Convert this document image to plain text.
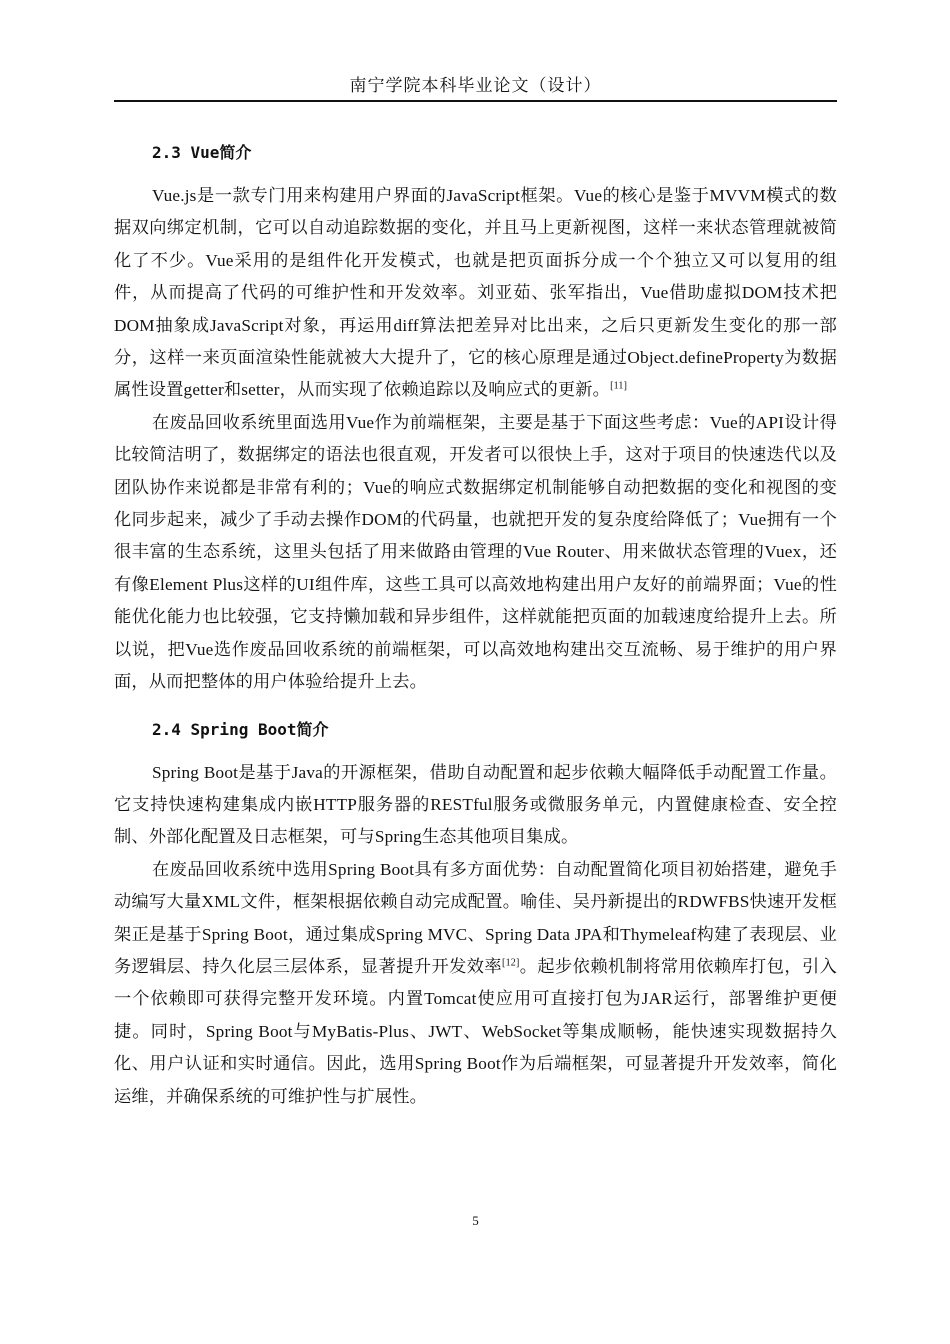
南宁学院本科毕业论文（设计）
2.3 Vue简介

Vue.js是一款专门用来构建用户界面的JavaScript框架。Vue的核心是鉴于MVVM模式的数据双向绑定机制，它可以自动追踪数据的变化，并且马上更新视图，这样一来状态管理就被简化了不少。Vue采用的是组件化开发模式，也就是把页面拆分成一个个独立又可以复用的组件，从而提高了代码的可维护性和开发效率。刘亚茹、张军指出，Vue借助虚拟DOM技术把DOM抽象成JavaScript对象，再运用diff算法把差异对比出来，之后只更新发生变化的那一部分，这样一来页面渲染性能就被大大提升了，它的核心原理是通过Object.defineProperty为数据属性设置getter和setter，从而实现了依赖追踪以及响应式的更新。[11]

在废品回收系统里面选用Vue作为前端框架，主要是基于下面这些考虑：Vue的API设计得比较简洁明了，数据绑定的语法也很直观，开发者可以很快上手，这对于项目的快速迭代以及团队协作来说都是非常有利的；Vue的响应式数据绑定机制能够自动把数据的变化和视图的变化同步起来，减少了手动去操作DOM的代码量，也就把开发的复杂度给降低了；Vue拥有一个很丰富的生态系统，这里头包括了用来做路由管理的Vue Router、用来做状态管理的Vuex，还有像Element Plus这样的UI组件库，这些工具可以高效地构建出用户友好的前端界面；Vue的性能优化能力也比较强，它支持懒加载和异步组件，这样就能把页面的加载速度给提升上去。所以说，把Vue选作废品回收系统的前端框架，可以高效地构建出交互流畅、易于维护的用户界面，从而把整体的用户体验给提升上去。

2.4 Spring Boot简介

Spring Boot是基于Java的开源框架，借助自动配置和起步依赖大幅降低手动配置工作量。它支持快速构建集成内嵌HTTP服务器的RESTful服务或微服务单元，内置健康检查、安全控制、外部化配置及日志框架，可与Spring生态其他项目集成。

在废品回收系统中选用Spring Boot具有多方面优势：自动配置简化项目初始搭建，避免手动编写大量XML文件，框架根据依赖自动完成配置。喻佳、吴丹新提出的RDWFBS快速开发框架正是基于Spring Boot，通过集成Spring MVC、Spring Data JPA和Thymeleaf构建了表现层、业务逻辑层、持久化层三层体系，显著提升开发效率[12]。起步依赖机制将常用依赖库打包，引入一个依赖即可获得完整开发环境。内置Tomcat使应用可直接打包为JAR运行，部署维护更便捷。同时，Spring Boot与MyBatis-Plus、JWT、WebSocket等集成顺畅，能快速实现数据持久化、用户认证和实时通信。因此，选用Spring Boot作为后端框架，可显著提升开发效率，简化运维，并确保系统的可维护性与扩展性。

5
